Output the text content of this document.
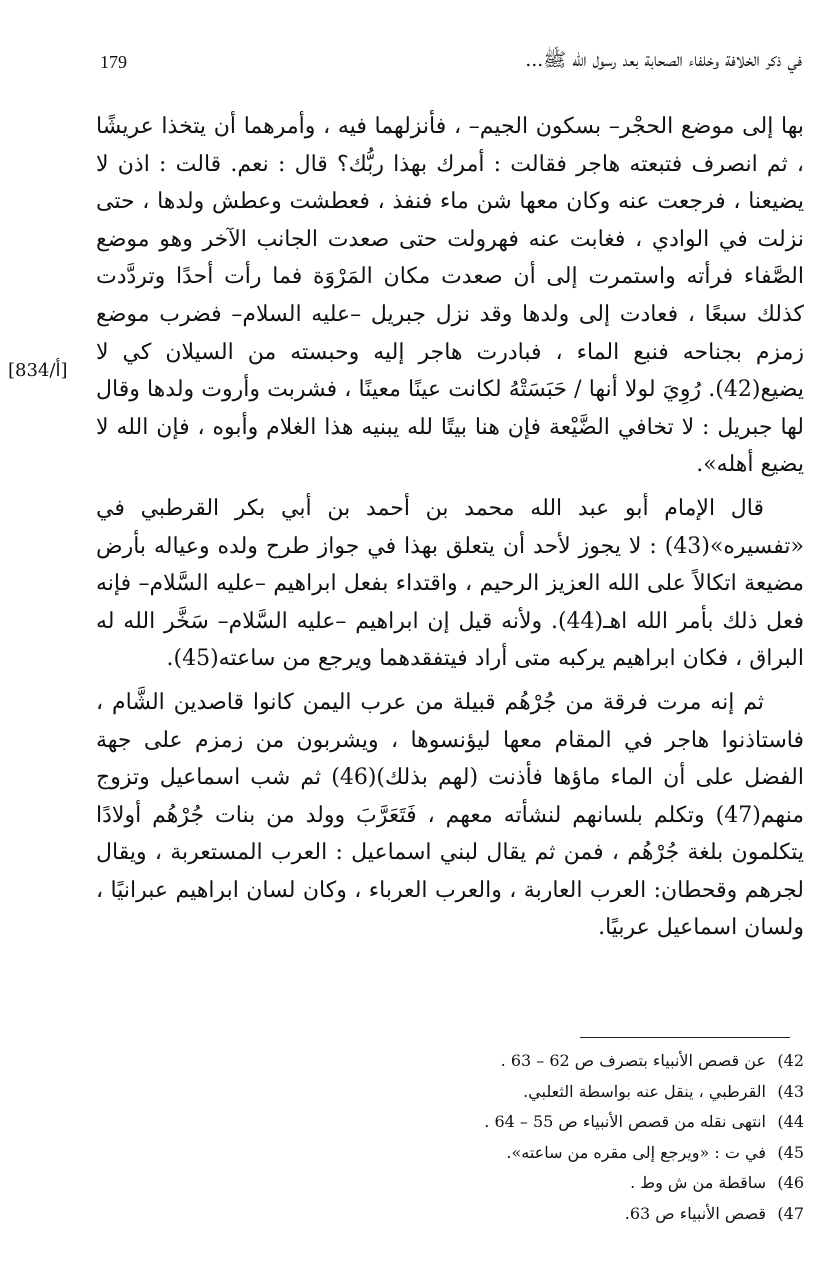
179	في ذكر الخلافة وخلفاء الصحابة بعد رسول الله ﷺ...
[834/أ]

بها إلى موضع الحجْر– بسكون الجيم– ، فأنزلهما فيه ، وأمرهما أن يتخذا عريشًا ، ثم انصرف فتبعته هاجر فقالت : أمرك بهذا ربُّك؟ قال : نعم. قالت : اذن لا يضيعنا ، فرجعت عنه وكان معها شن ماء فنفذ ، فعطشت وعطش ولدها ، حتى نزلت في الوادي ، فغابت عنه فهرولت حتى صعدت الجانب الآخر وهو موضع الصَّفاء فرأته واستمرت إلى أن صعدت مكان المَرْوَة فما رأت أحدًا وتردَّدت كذلك سبعًا ، فعادت إلى ولدها وقد نزل جبريل –عليه السلام– فضرب موضع زمزم بجناحه فنبع الماء ، فبادرت هاجر إليه وحبسته من السيلان كي لا يضيع(42). رُوِيَ لولا أنها / حَبَسَتْهُ لكانت عينًا معينًا ، فشربت وأروت ولدها وقال لها جبريل : لا تخافي الضَّيْعة فإن هنا بيتًا لله يبنيه هذا الغلام وأبوه ، فإن الله لا يضيع أهله».

قال الإمام أبو عبد الله محمد بن أحمد بن أبي بكر القرطبي في «تفسيره»(43) : لا يجوز لأحد أن يتعلق بهذا في جواز طرح ولده وعياله بأرض مضيعة اتكالاً على الله العزيز الرحيم ، واقتداء بفعل ابراهيم –عليه السَّلام– فإنه فعل ذلك بأمر الله اهـ(44). ولأنه قيل إن ابراهيم –عليه السَّلام– سَخَّر الله له البراق ، فكان ابراهيم يركبه متى أراد فيتفقدهما ويرجع من ساعته(45).

ثم إنه مرت فرقة من جُرْهُم قبيلة من عرب اليمن كانوا قاصدين الشَّام ، فاستاذنوا هاجر في المقام معها ليؤنسوها ، ويشربون من زمزم على جهة الفضل على أن الماء ماؤها فأذنت (لهم بذلك)(46) ثم شب اسماعيل وتزوج منهم(47) وتكلم بلسانهم لنشأته معهم ، فَتَعَرَّبَ وولد من بنات جُرْهُم أولادًا يتكلمون بلغة جُرْهُم ، فمن ثم يقال لبني اسماعيل : العرب المستعربة ، ويقال لجرهم وقحطان: العرب العاربة ، والعرب العرباء ، وكان لسان ابراهيم عبرانيًا ، ولسان اسماعيل عربيًا.

42)عن قصص الأنبياء بتصرف ص 62 – 63 .
43)القرطبي ، ينقل عنه بواسطة الثعلبي.
44)انتهى نقله من قصص الأنبياء ص 55 – 64 .
45)في ت : «ويرجع إلى مقره من ساعته».
46)ساقطة من ش وط .
47)قصص الأنبياء ص 63.
